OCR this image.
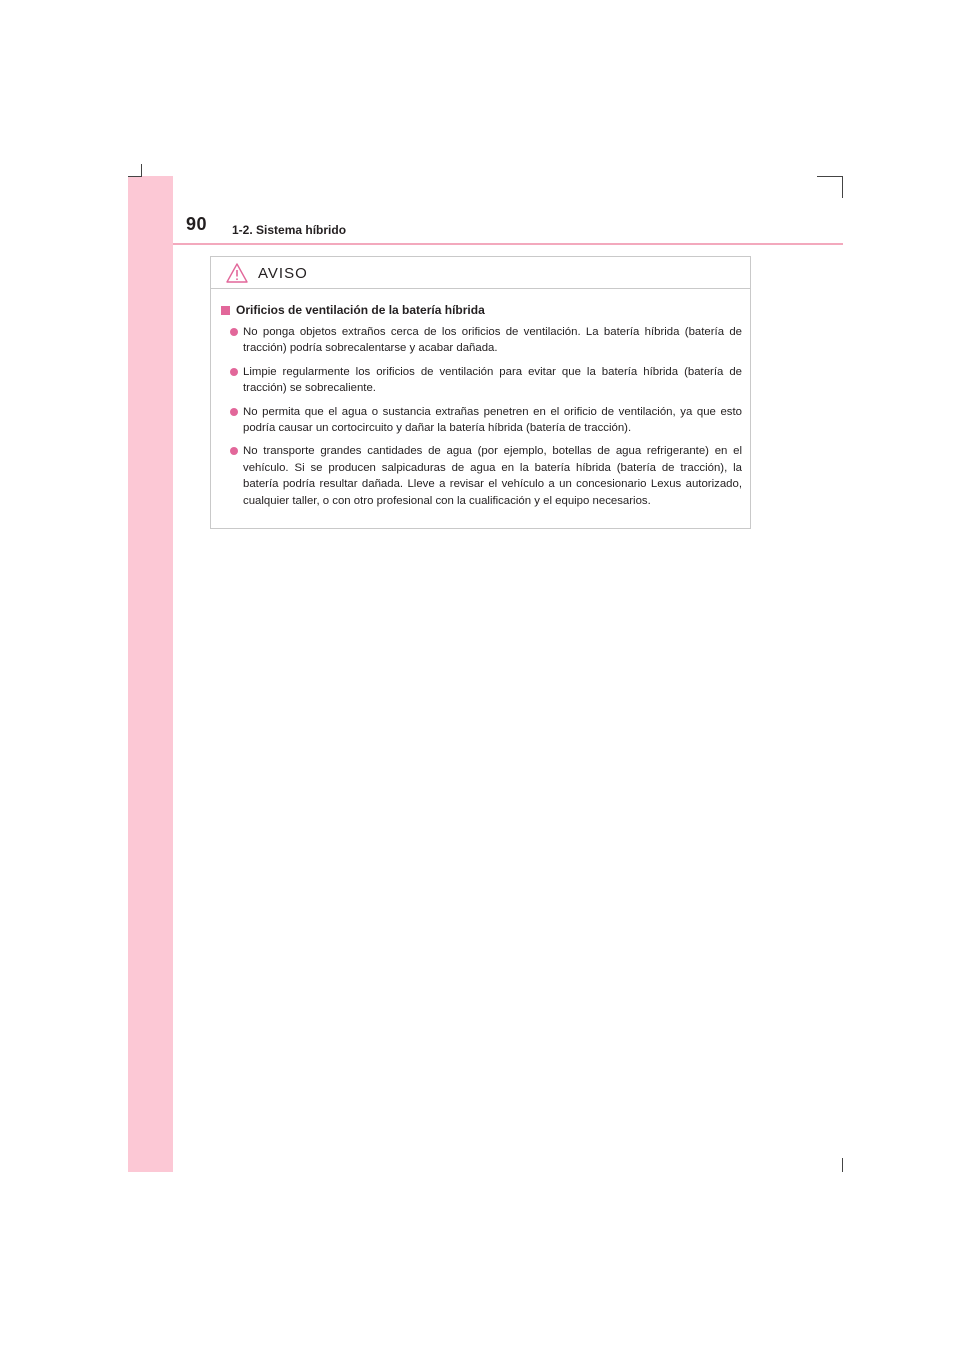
90 1-2. Sistema híbrido
AVISO
Orificios de ventilación de la batería híbrida
No ponga objetos extraños cerca de los orificios de ventilación. La batería híbrida (batería de tracción) podría sobrecalentarse y acabar dañada.
Limpie regularmente los orificios de ventilación para evitar que la batería híbrida (batería de tracción) se sobrecaliente.
No permita que el agua o sustancia extrañas penetren en el orificio de ventilación, ya que esto podría causar un cortocircuito y dañar la batería híbrida (batería de tracción).
No transporte grandes cantidades de agua (por ejemplo, botellas de agua refrigerante) en el vehículo. Si se producen salpicaduras de agua en la batería híbrida (batería de tracción), la batería podría resultar dañada. Lleve a revisar el vehículo a un concesionario Lexus autorizado, cualquier taller, o con otro profesional con la cualificación y el equipo necesarios.
